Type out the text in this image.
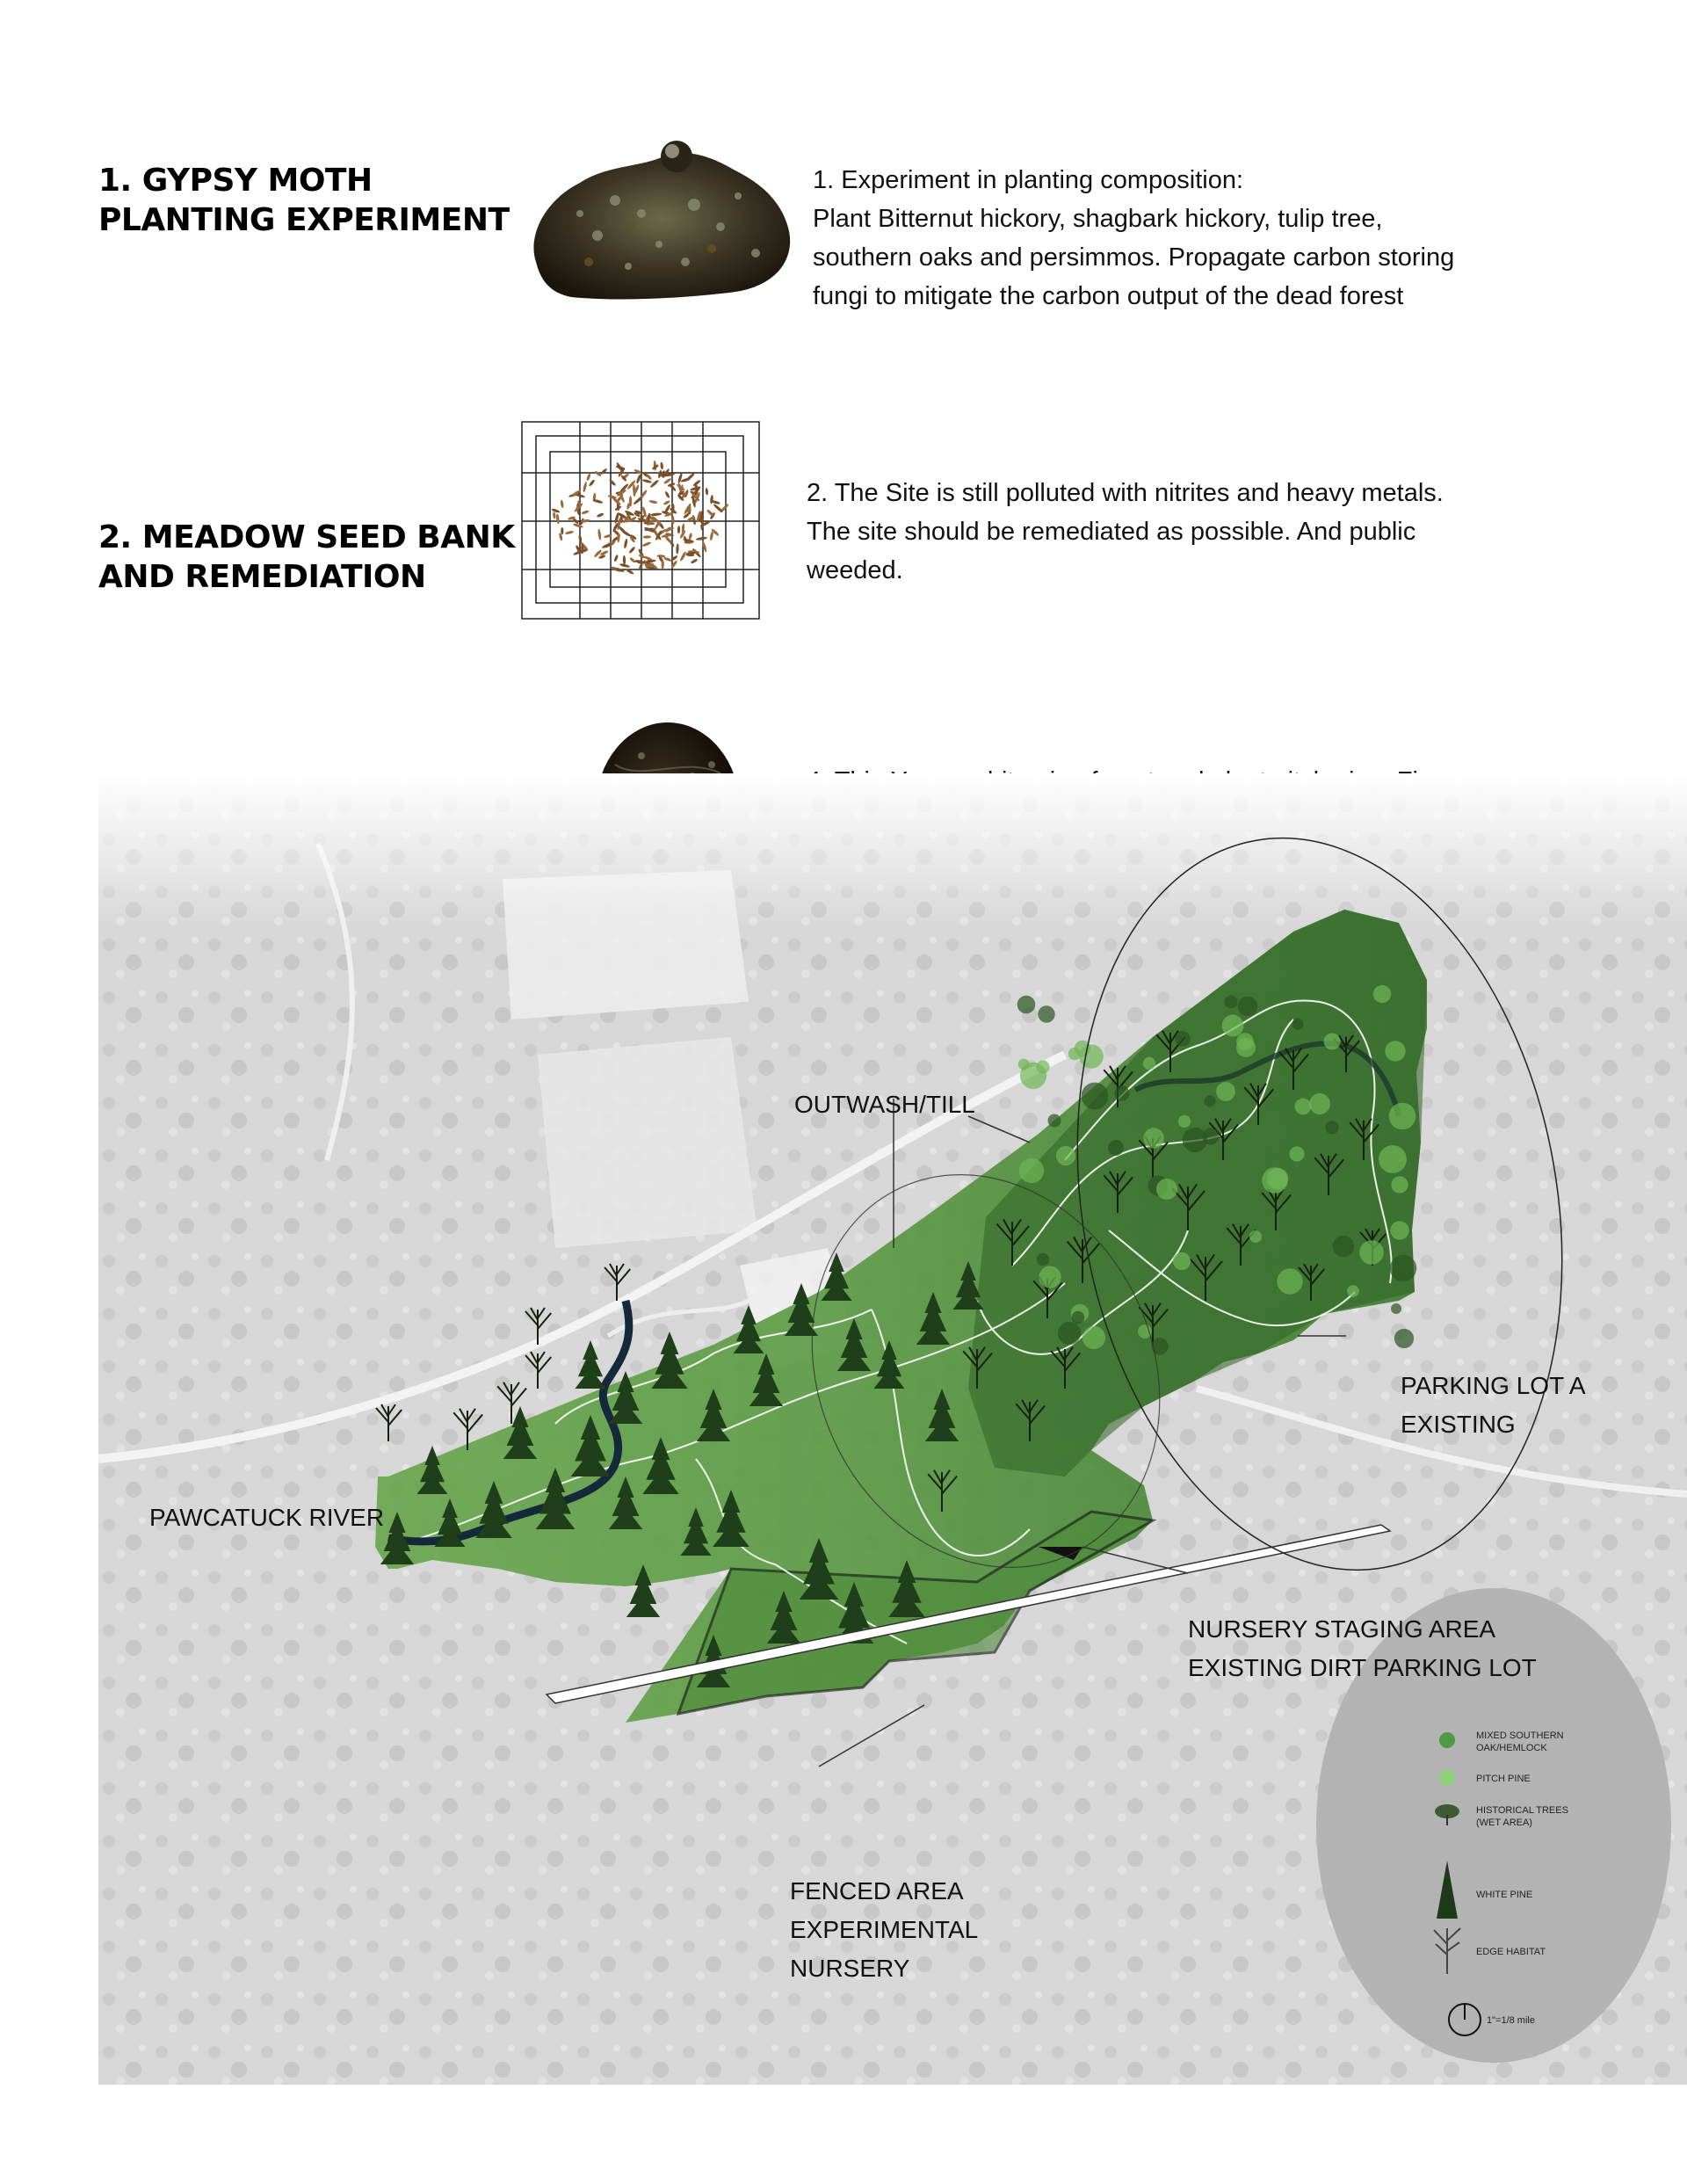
1. GYPSY MOTH
PLANTING EXPERIMENT
1. Experiment in planting composition:
Plant Bitternut hickory, shagbark hickory, tulip tree,
southern oaks and persimmos. Propagate carbon storing
fungi to mitigate the carbon output of the dead forest
2. MEADOW SEED BANK
AND REMEDIATION
2. The Site is still polluted with nitrites and heavy metals.
The site should be remediated as possible. And public
weeded.
MIXED SOUTHERN
OAK/HEMLOCK
PITCH PINE
HISTORICAL TREES
(WET AREA)
WHITE PINE
EDGE HABITAT
1"=1/8 mile
OUTWASH/TILL
PAWCATUCK RIVER
PARKING LOT A
EXISTING
NURSERY STAGING AREA
EXISTING DIRT PARKING LOT
FENCED AREA
EXPERIMENTAL
NURSERY
